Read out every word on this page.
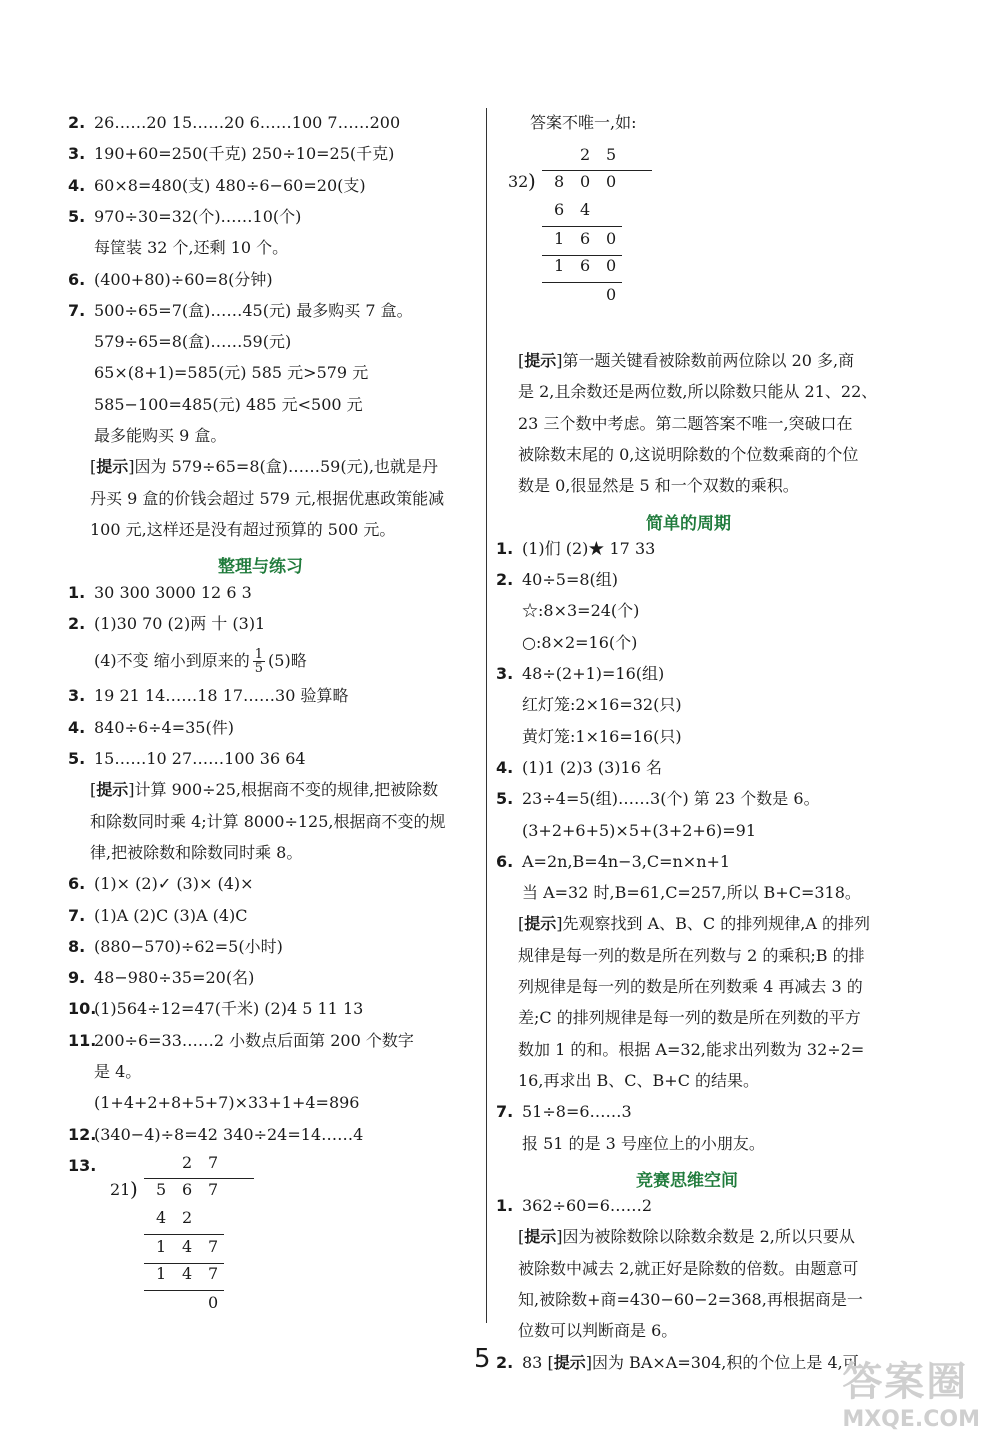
2. 26……20 15……20 6……100 7……200
3. 190+60=250(千克) 250÷10=25(千克)
4. 60×8=480(支) 480÷6−60=20(支)
5. 970÷30=32(个)……10(个)
每筐装 32 个,还剩 10 个。
6. (400+80)÷60=8(分钟)
7. 500÷65=7(盒)……45(元) 最多购买 7 盒。
579÷65=8(盒)……59(元)
65×(8+1)=585(元) 585 元>579 元
585−100=485(元) 485 元<500 元
最多能购买 9 盒。
[提示]因为 579÷65=8(盒)……59(元),也就是丹
丹买 9 盒的价钱会超过 579 元,根据优惠政策能减
100 元,这样还是没有超过预算的 500 元。
整理与练习
1. 30 300 3000 12 6 3
2. (1)30 70 (2)两 十 (3)1
(4)不变 缩小到原来的 $\frac{1}{5} (5)$略
3. 19 21 14……18 17……30 验算略
4. 840÷6÷4=35(件)
5. 15……10 27……100 36 64
[提示]计算 900÷25,根据商不变的规律,把被除数
和除数同时乘 4;计算 8000÷125,根据商不变的规
律,把被除数和除数同时乘 8。
6. (1)× (2)✓ (3)× (4)×
7. (1)A (2)C (3)A (4)C
8. (880−570)÷62=5(小时)
9. 48−980÷35=20(名)
10.(1)564÷12=47(千米) (2)4 5 11 13
11.200÷6=33……2 小数点后面第 200 个数字
是 4。
(1+4+2+8+5+7)×33+1+4=896
12.(340−4)÷8=42 340÷24=14……4
13.	2 7
21 ) 5 6 7
4 2
1 4 7
1 4 7
0
答案不唯一,如:
2 5
32 ) 8 0 0
6 4
1 6 0
1 6 0
0
[提示]第一题关键看被除数前两位除以 20 多,商
是 2,且余数还是两位数,所以除数只能从 21、22、
23 三个数中考虑。第二题答案不唯一,突破口在
被除数末尾的 0,这说明除数的个位数乘商的个位
数是 0,很显然是 5 和一个双数的乘积。
简单的周期
1. (1)们 (2)★ 17 33
2. 40÷5=8(组)
☆:8×3=24(个)
○:8×2=16(个)
3. 48÷(2+1)=16(组)
红灯笼:2×16=32(只)
黄灯笼:1×16=16(只)
4. (1)1 (2)3 (3)16 名
5. 23÷4=5(组)……3(个) 第 23 个数是 6。
(3+2+6+5)×5+(3+2+6)=91
6. A=2n,B=4n−3,C=n×n+1
当 A=32 时,B=61,C=257,所以 B+C=318。
[提示]先观察找到 A、B、C 的排列规律,A 的排列
规律是每一列的数是所在列数与 2 的乘积;B 的排
列规律是每一列的数是所在列数乘 4 再减去 3 的
差;C 的排列规律是每一列的数是所在列数的平方
数加 1 的和。根据 A=32,能求出列数为 32÷2=
16,再求出 B、C、B+C 的结果。
7. 51÷8=6……3
报 51 的是 3 号座位上的小朋友。
竞赛思维空间
1. 362÷60=6……2
[提示]因为被除数除以除数余数是 2,所以只要从
被除数中减去 2,就正好是除数的倍数。由题意可
知,被除数+商=430−60−2=368,再根据商是一
位数可以判断商是 6。
2. 83 [提示]因为 BA×A=304,积的个位上是 4,可
5	答案圈
MXQE.COM
